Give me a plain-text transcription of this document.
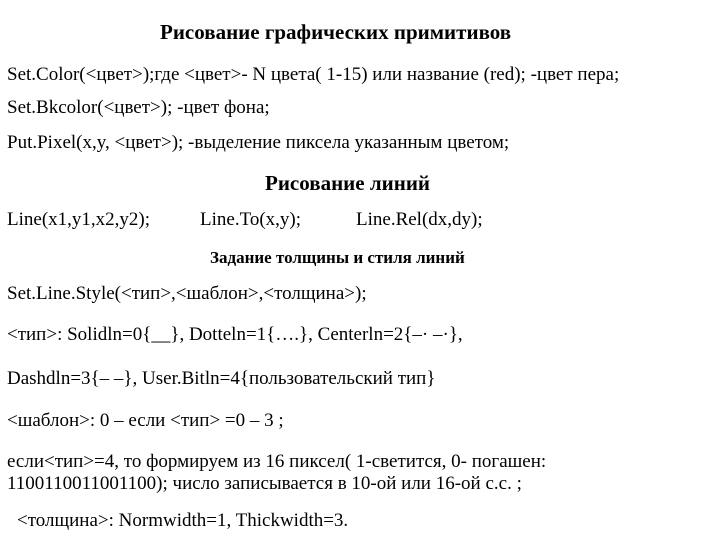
Рисование графических примитивов
Set.Color(<цвет>);где <цвет>- N цвета( 1-15) или название (red); -цвет пера;
Set.Bkcolor(<цвет>); -цвет фона;
Put.Pixel(x,y, <цвет>); -выделение пиксела указанным цветом;
Рисование линий
Line(x1,y1,x2,y2);	Line.To(x,y);	Line.Rel(dx,dy);
Задание толщины и стиля линий
Set.Line.Style(<тип>,<шаблон>,<толщина>);
<тип>: Solidln=0{__}, Dotteln=1{….}, Centerln=2{–· –·},
Dashdln=3{– –}, User.Bitln=4{пользовательский тип}
<шаблон>: 0 – если <тип> =0 – 3 ;
если<тип>=4, то формируем из 16 пиксел( 1-светится, 0- погашен:
1100110011001100); число записывается в 10-ой или 16-ой с.с. ;
<толщина>: Normwidth=1, Thickwidth=3.
